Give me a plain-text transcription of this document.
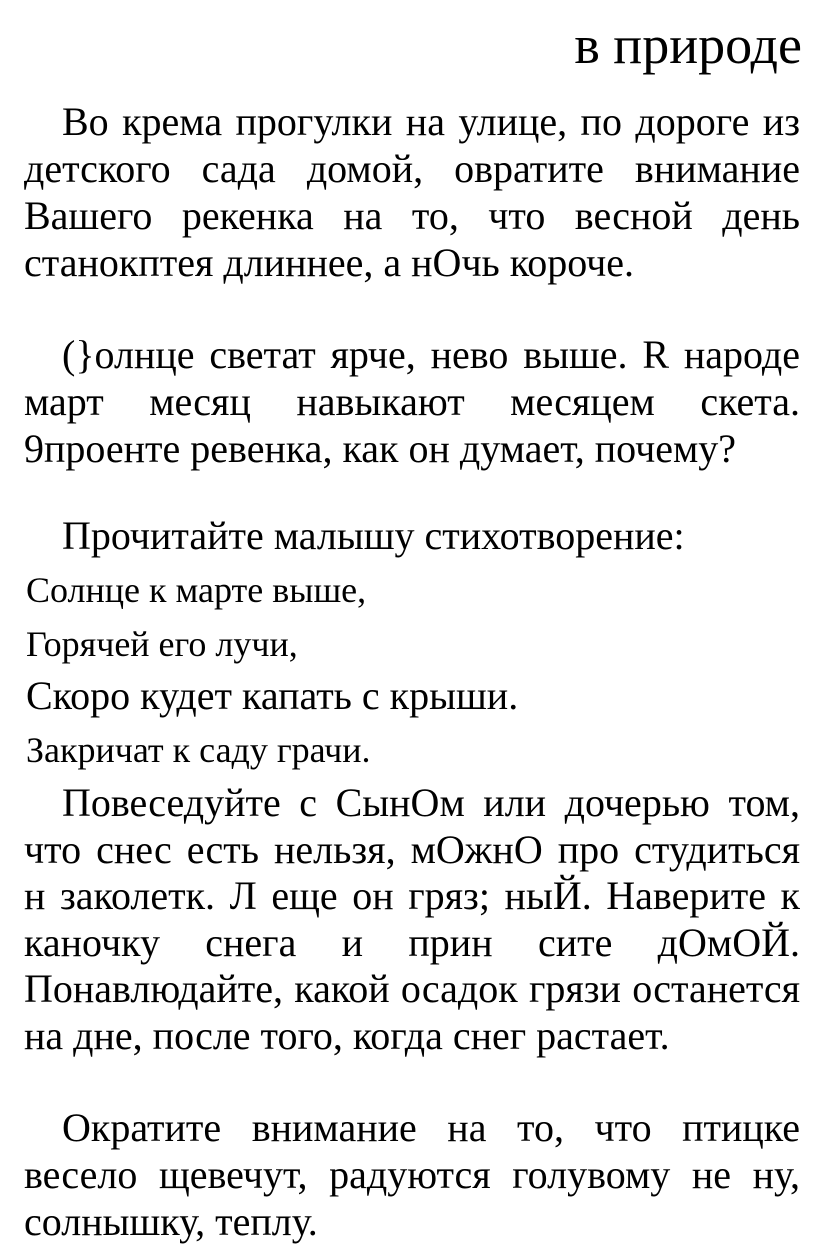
в природе

Во крема прогулки на улице, по дороге из детского сада домой, овратите внимание Вашего рекенка на то, что весной день станокптея длиннее, а нОчь короче.

(}олнце светат ярче, нево выше. R народе март месяц навыкают месяцем скета. 9проенте ревенка, как он думает, почему?

Прочитайте малышу стихотворение:
Солнце к марте выше,
Горячей его лучи,
Скоро кудет капать с крыши.
Закричат к саду грачи.

Повеседуйте с СынОм или дочерью том, что снес есть нельзя, мОжнО про студиться н заколетк. Л еще он гряз; ныЙ. Наверите к каночку снега и прин сите дОмОЙ. Понавлюдайте, какой осадок грязи останется на дне, после того, когда снег растает.

Ократите внимание на то, что птицке весело щевечут, радуются голувому не ну, солнышку, теплу.
